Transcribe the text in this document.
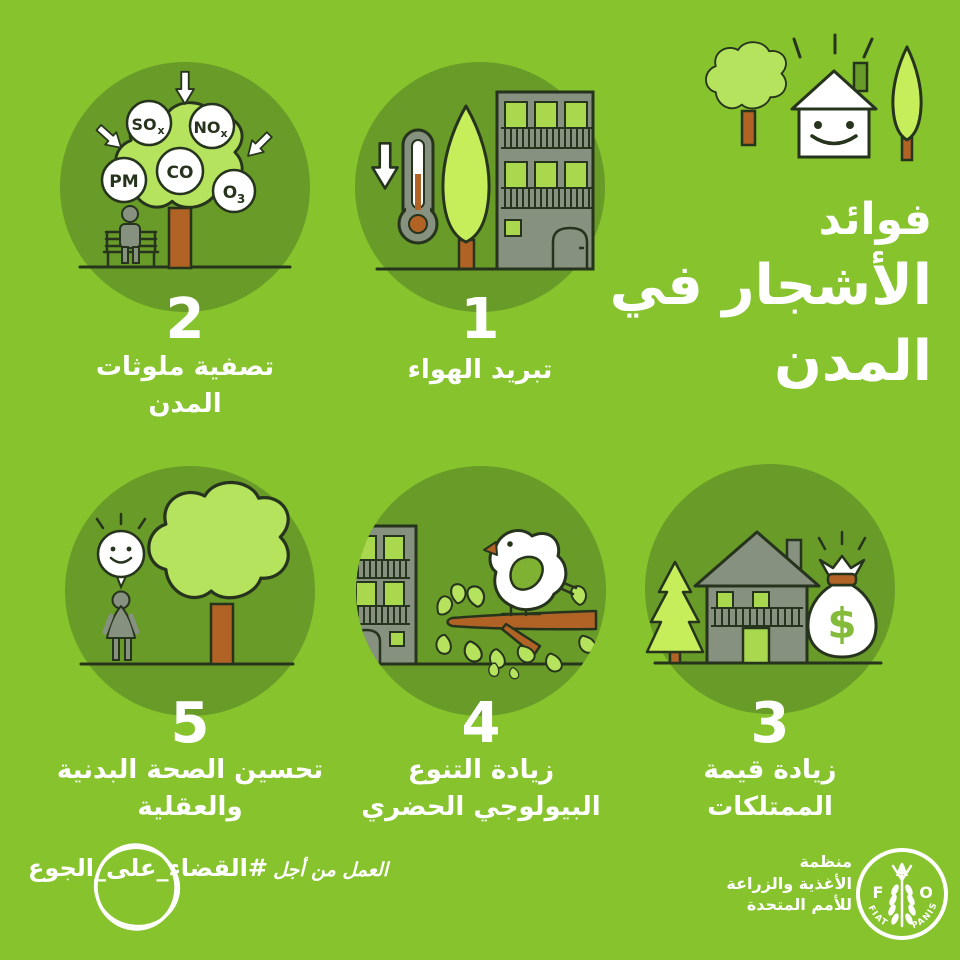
فوائد
الأشجار في
المدن
SO x NO x
PM CO
O 3
$
1
2
3
4
5
تبريد الهواء
تصفية ملوثات
المدن
زيادة قيمة
الممتلكات
زيادة التنوع
البيولوجي الحضري
تحسين الصحة البدنية
والعقلية
العمل من أجل #القضاء_على_الجوع	منظمة
الأغذية والزراعة
للأمم المتحدة
F
A
O
FIAT PANIS
